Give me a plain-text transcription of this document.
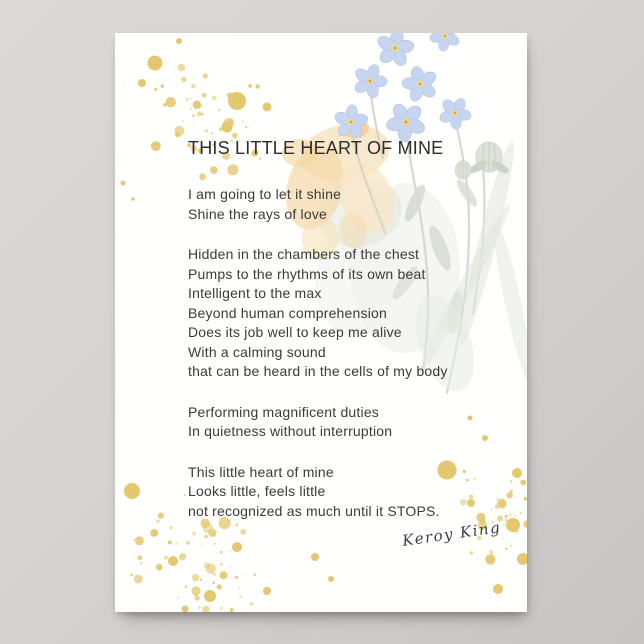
THIS LITTLE HEART OF MINE
I am going to let it shine
Shine the rays of love
Hidden in the chambers of the chest
Pumps to the rhythms of its own beat
Intelligent to the max
Beyond human comprehension
Does its job well to keep me alive
With a calming sound
that can be heard in the cells of my body
Performing magnificent duties
In quietness without interruption
This little heart of mine
Looks little, feels little
not recognized as much until it STOPS.
Keroy King
